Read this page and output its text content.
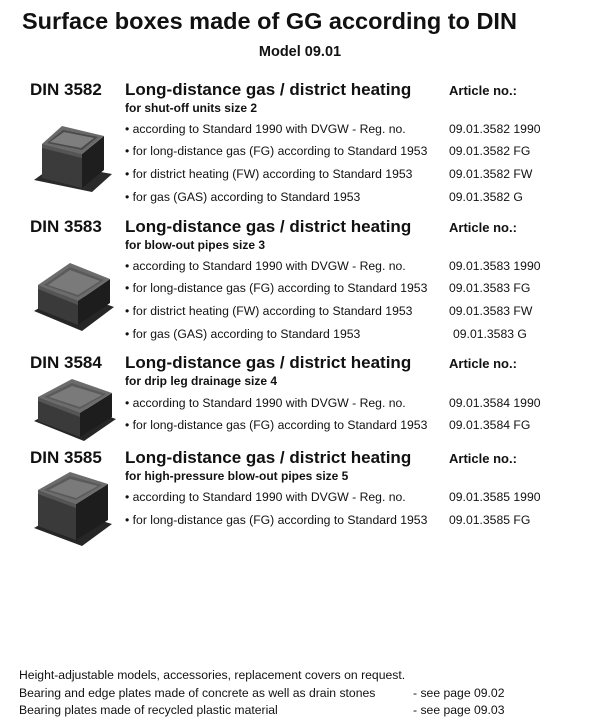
Surface boxes made of GG according to DIN
Model 09.01
DIN 3582 Long-distance gas / district heating	Article no.:
for shut-off units size 2
• according to Standard 1990 with DVGW - Reg. no.	09.01.3582 1990
• for long-distance gas (FG) according to Standard 1953 09.01.3582 FG
• for district heating (FW) according to Standard 1953	09.01.3582 FW
• for gas (GAS) according to Standard 1953	09.01.3582 G
DIN 3583 Long-distance gas / district heating	Article no.:
for blow-out pipes size 3
• according to Standard 1990 with DVGW - Reg. no.	09.01.3583 1990
• for long-distance gas (FG) according to Standard 1953 09.01.3583 FG
• for district heating (FW) according to Standard 1953	09.01.3583 FW
• for gas (GAS) according to Standard 1953	09.01.3583 G
DIN 3584 Long-distance gas / district heating	Article no.:
for drip leg drainage size 4
• according to Standard 1990 with DVGW - Reg. no.	09.01.3584 1990
• for long-distance gas (FG) according to Standard 1953 09.01.3584 FG
DIN 3585 Long-distance gas / district heating	Article no.:
for high-pressure blow-out pipes size 5
• according to Standard 1990 with DVGW - Reg. no.	09.01.3585 1990
• for long-distance gas (FG) according to Standard 1953 09.01.3585 FG
Height-adjustable models, accessories, replacement covers on request.
Bearing and edge plates made of concrete as well as drain stones	- see page 09.02
Bearing plates made of recycled plastic material	- see page 09.03
